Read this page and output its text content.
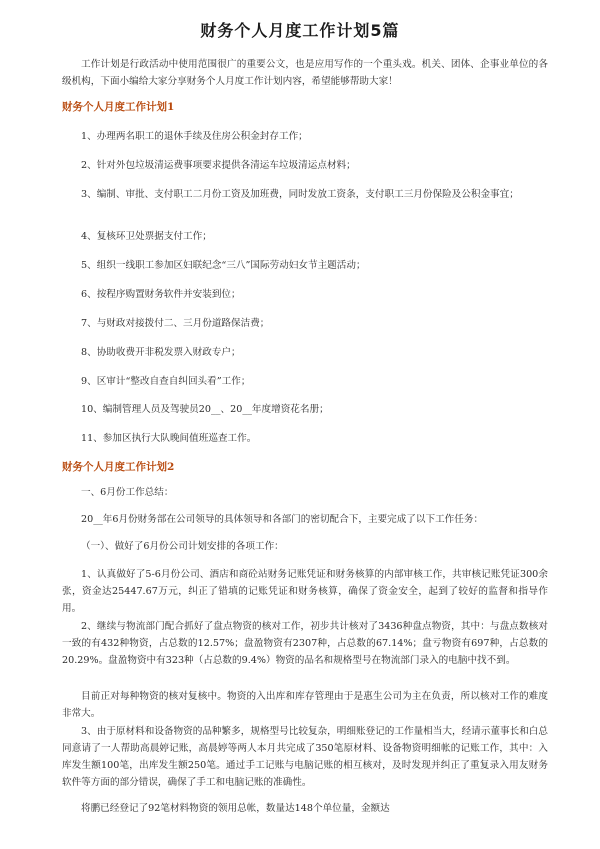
财务个人月度工作计划5篇

工作计划是行政活动中使用范围很广的重要公文，也是应用写作的一个重头戏。机关、团体、企事业单位的各级机构，下面小编给大家分享财务个人月度工作计划内容，希望能够帮助大家！

财务个人月度工作计划1

1、办理两名职工的退休手续及住房公积金封存工作；

2、针对外包垃圾清运费事项要求提供各清运车垃圾清运点材料；

3、编制、审批、支付职工二月份工资及加班费，同时发放工资条，支付职工三月份保险及公积金事宜；

4、复核环卫处票据支付工作；

5、组织一线职工参加区妇联纪念“三八”国际劳动妇女节主题活动；

6、按程序购置财务软件并安装到位；

7、与财政对接拨付二、三月份道路保洁费；

8、协助收费开非税发票入财政专户；

9、区审计“整改自查自纠回头看”工作；

10、编制管理人员及驾驶员20__、20__年度增资花名册；

11、参加区执行大队晚间值班巡查工作。

财务个人月度工作计划2

一、6月份工作总结：

20__年6月份财务部在公司领导的具体领导和各部门的密切配合下，主要完成了以下工作任务：

（一）、做好了6月份公司计划安排的各项工作：

1、认真做好了5-6月份公司、酒店和商砼站财务记账凭证和财务核算的内部审核工作，共审核记账凭证300余张，资金达25447.67万元，纠正了错填的记账凭证和财务核算，确保了资金安全，起到了较好的监督和指导作用。

2、继续与物流部门配合抓好了盘点物资的核对工作，初步共计核对了3436种盘点物资，其中：与盘点数核对一致的有432种物资，占总数的12.57%；盘盈物资有2307种，占总数的67.14%；盘亏物资有697种，占总数的20.29%。盘盈物资中有323种（占总数的9.4%）物资的品名和规格型号在物流部门录入的电脑中找不到。

目前正对每种物资的核对复核中。物资的入出库和库存管理由于是惠生公司为主在负责，所以核对工作的难度非常大。

3、由于原材料和设备物资的品种繁多，规格型号比较复杂，明细账登记的工作量相当大，经请示董事长和白总同意请了一人帮助高晨婷记账，高晨婷等两人本月共完成了350笔原材料、设备物资明细帐的记账工作，其中：入库发生额100笔，出库发生额250笔。通过手工记账与电脑记账的相互核对，及时发现并纠正了重复录入用友财务软件等方面的部分错误，确保了手工和电脑记账的准确性。

将鹏已经登记了92笔材料物资的领用总帐，数量达148个单位量，金额达
